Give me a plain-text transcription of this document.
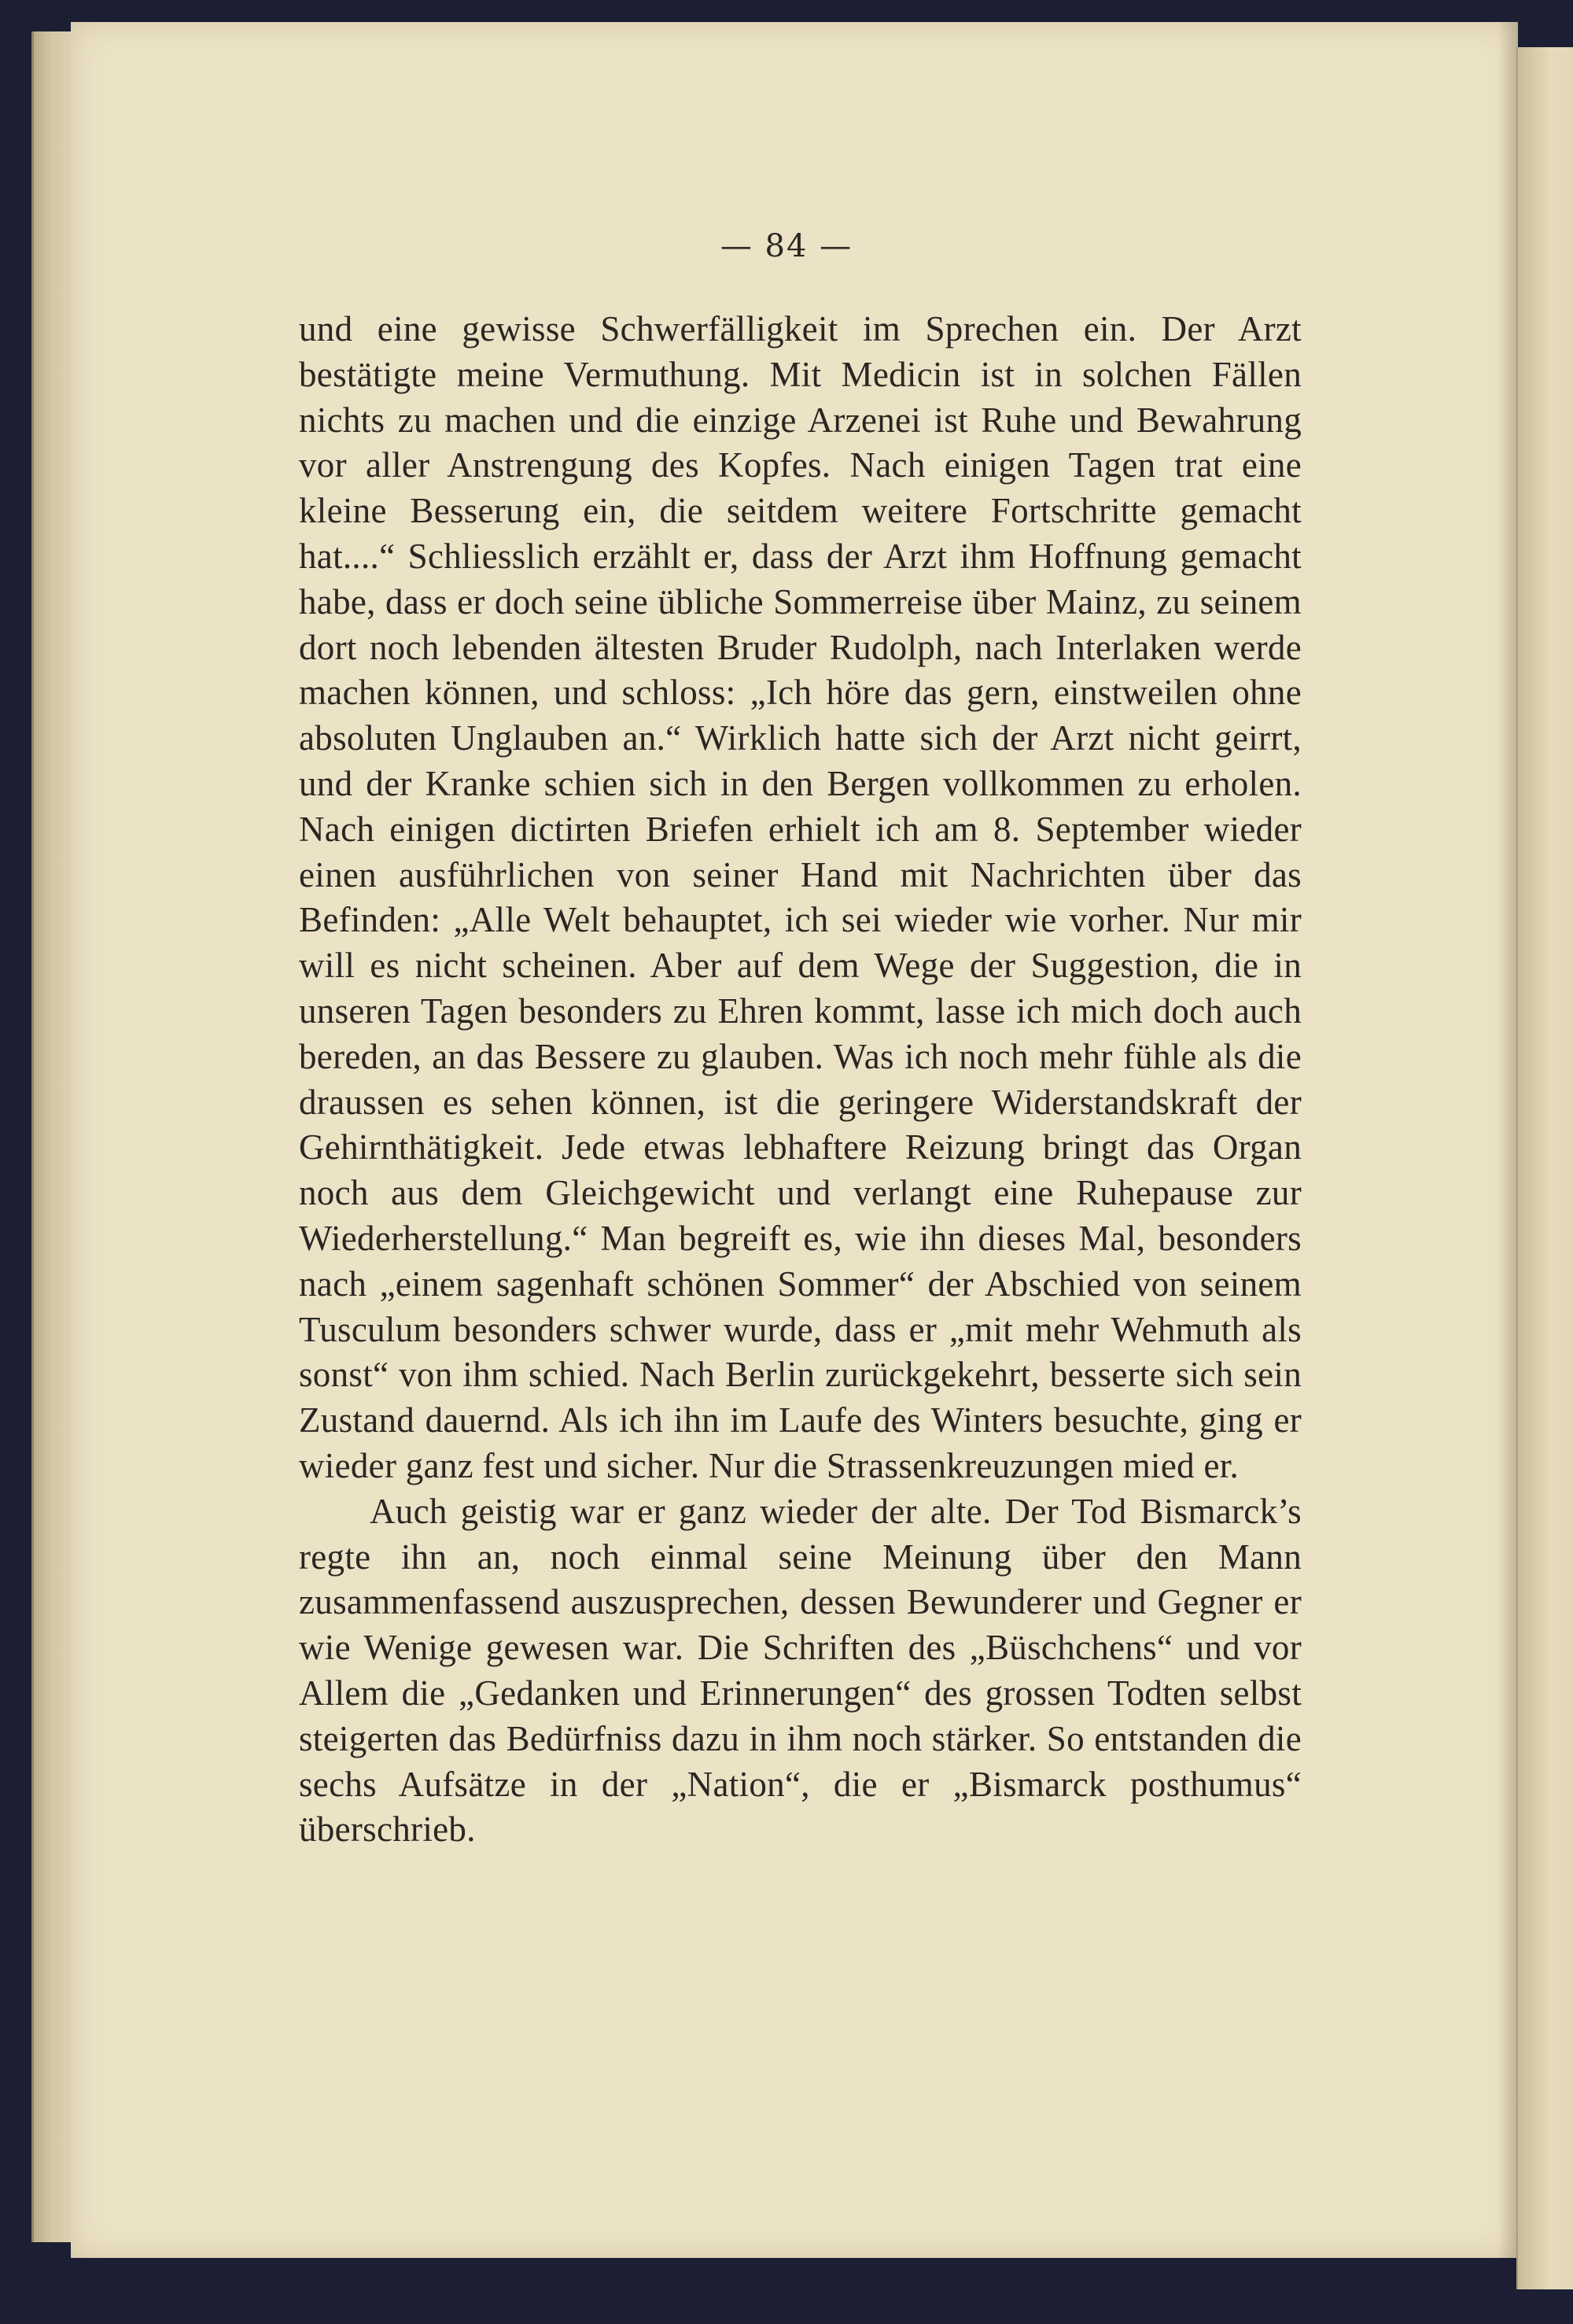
— 84 —

und eine gewisse Schwerfälligkeit im Sprechen ein. Der Arzt bestätigte meine Vermuthung. Mit Medicin ist in solchen Fällen nichts zu machen und die einzige Arzenei ist Ruhe und Bewahrung vor aller Anstrengung des Kopfes. Nach einigen Tagen trat eine kleine Besserung ein, die seitdem weitere Fortschritte gemacht hat....“ Schliesslich erzählt er, dass der Arzt ihm Hoffnung gemacht habe, dass er doch seine übliche Sommerreise über Mainz, zu seinem dort noch lebenden ältesten Bruder Rudolph, nach Interlaken werde machen können, und schloss: „Ich höre das gern, einstweilen ohne absoluten Unglauben an.“ Wirklich hatte sich der Arzt nicht geirrt, und der Kranke schien sich in den Bergen vollkommen zu erholen. Nach einigen dictirten Briefen erhielt ich am 8. September wieder einen ausführlichen von seiner Hand mit Nachrichten über das Befinden: „Alle Welt behauptet, ich sei wieder wie vorher. Nur mir will es nicht scheinen. Aber auf dem Wege der Suggestion, die in unseren Tagen besonders zu Ehren kommt, lasse ich mich doch auch bereden, an das Bessere zu glauben. Was ich noch mehr fühle als die draussen es sehen können, ist die geringere Widerstandskraft der Gehirnthätigkeit. Jede etwas lebhaftere Reizung bringt das Organ noch aus dem Gleichgewicht und verlangt eine Ruhepause zur Wiederherstellung.“ Man begreift es, wie ihn dieses Mal, besonders nach „einem sagenhaft schönen Sommer“ der Abschied von seinem Tusculum besonders schwer wurde, dass er „mit mehr Wehmuth als sonst“ von ihm schied. Nach Berlin zurückgekehrt, besserte sich sein Zustand dauernd. Als ich ihn im Laufe des Winters besuchte, ging er wieder ganz fest und sicher. Nur die Strassenkreuzungen mied er.

Auch geistig war er ganz wieder der alte. Der Tod Bismarck’s regte ihn an, noch einmal seine Meinung über den Mann zusammenfassend auszusprechen, dessen Bewunderer und Gegner er wie Wenige gewesen war. Die Schriften des „Büschchens“ und vor Allem die „Gedanken und Erinnerungen“ des grossen Todten selbst steigerten das Bedürfniss dazu in ihm noch stärker. So entstanden die sechs Aufsätze in der „Nation“, die er „Bismarck posthumus“ überschrieb.
